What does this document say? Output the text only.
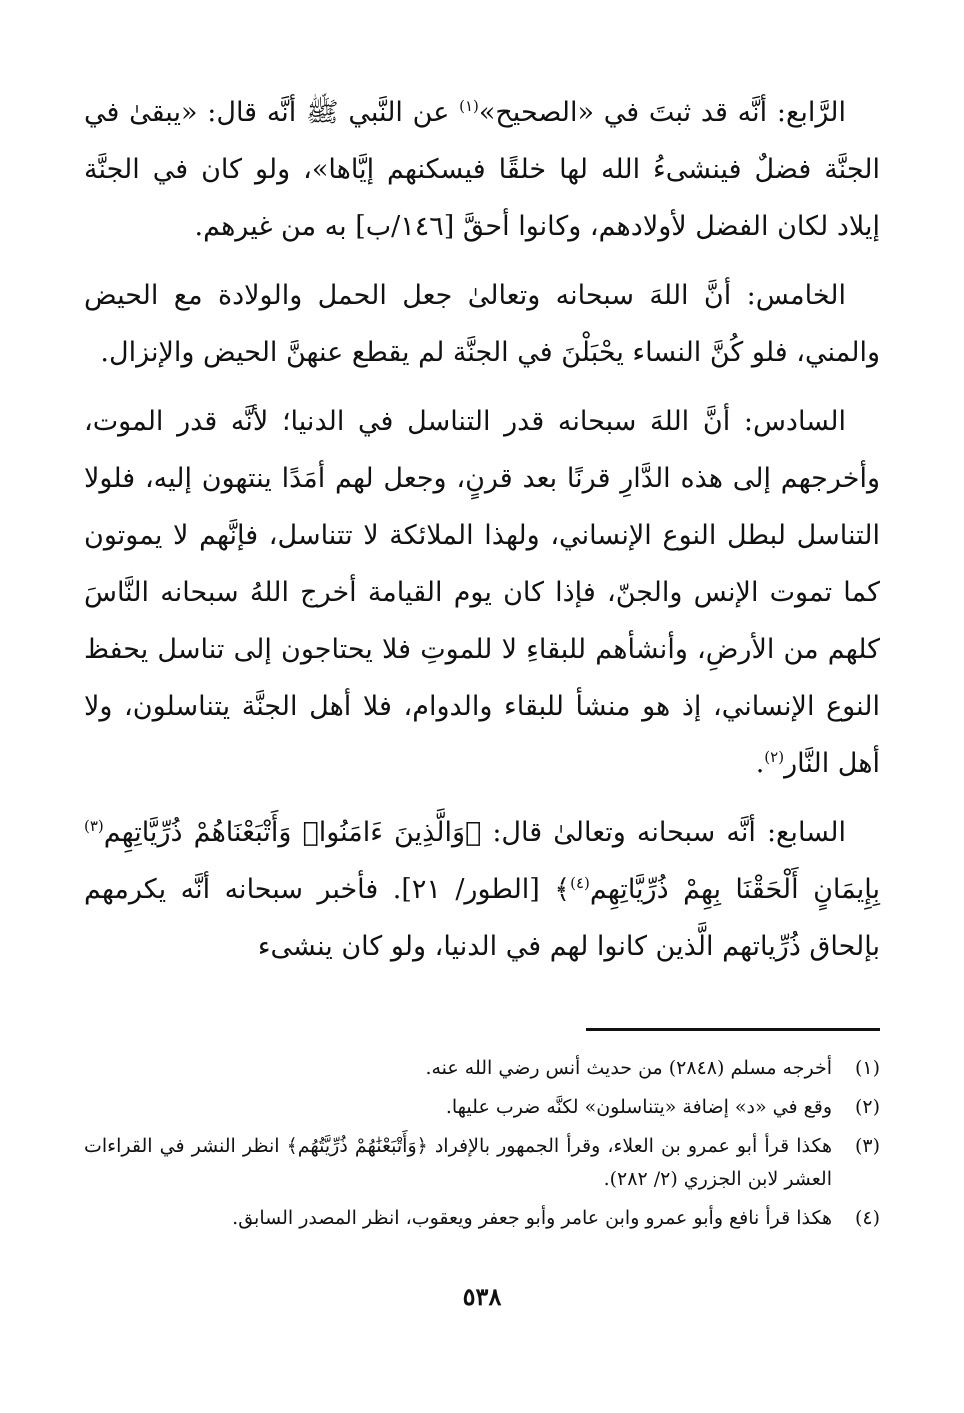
الرَّابع: أنَّه قد ثبتَ في «الصحيح»$^{(١)}$ عن النَّبي ﷺ أنَّه قال: «يبقىٰ في الجنَّة فضلٌ فينشىءُ الله لها خلقًا فيسكنهم إيَّاها»، ولو كان في الجنَّة إيلاد لكان الفضل لأولادهم، وكانوا أحقَّ [١٤٦/ب] به من غيرهم.

الخامس: أنَّ اللهَ سبحانه وتعالىٰ جعل الحمل والولادة مع الحيض والمني، فلو كُنَّ النساء يحْبَلْنَ في الجنَّة لم يقطع عنهنَّ الحيض والإنزال.

السادس: أنَّ اللهَ سبحانه قدر التناسل في الدنيا؛ لأنَّه قدر الموت، وأخرجهم إلى هذه الدَّارِ قرنًا بعد قرنٍ، وجعل لهم أمَدًا ينتهون إليه، فلولا التناسل لبطل النوع الإنساني، ولهذا الملائكة لا تتناسل، فإنَّهم لا يموتون كما تموت الإنس والجنّ، فإذا كان يوم القيامة أخرج اللهُ سبحانه النَّاسَ كلهم من الأرضِ، وأنشأهم للبقاءِ لا للموتِ فلا يحتاجون إلى تناسل يحفظ النوع الإنساني، إذ هو منشأ للبقاء والدوام، فلا أهل الجنَّة يتناسلون، ولا أهل النَّار$^{(٢)}$.

السابع: أنَّه سبحانه وتعالىٰ قال: ﴿وَالَّذِينَ ءَامَنُوا۟ وَأَتْبَعْنَاهُمْ ذُرِّيَّاتِهِم$^{(٣)}$ بِإِيمَانٍ أَلْحَقْنَا بِهِمْ ذُرِّيَّاتِهِم$^{(٤)}$﴾ [الطور/ ٢١]. فأخبر سبحانه أنَّه يكرمهم بإلحاق ذُرِّياتهم الَّذين كانوا لهم في الدنيا، ولو كان ينشىء

(١)
أخرجه مسلم (٢٨٤٨) من حديث أنس رضي الله عنه.
(٢)
وقع في «د» إضافة «يتناسلون» لكنَّه ضرب عليها.
(٣)
هكذا قرأ أبو عمرو بن العلاء، وقرأ الجمهور بالإفراد ﴿وَأَتْبَعْنَٰهُمْ ذُرِّيَّتُهُم﴾ انظر النشر في القراءات العشر لابن الجزري (٢/ ٢٨٢).
(٤)
هكذا قرأ نافع وأبو عمرو وابن عامر وأبو جعفر ويعقوب، انظر المصدر السابق.
٥٣٨
